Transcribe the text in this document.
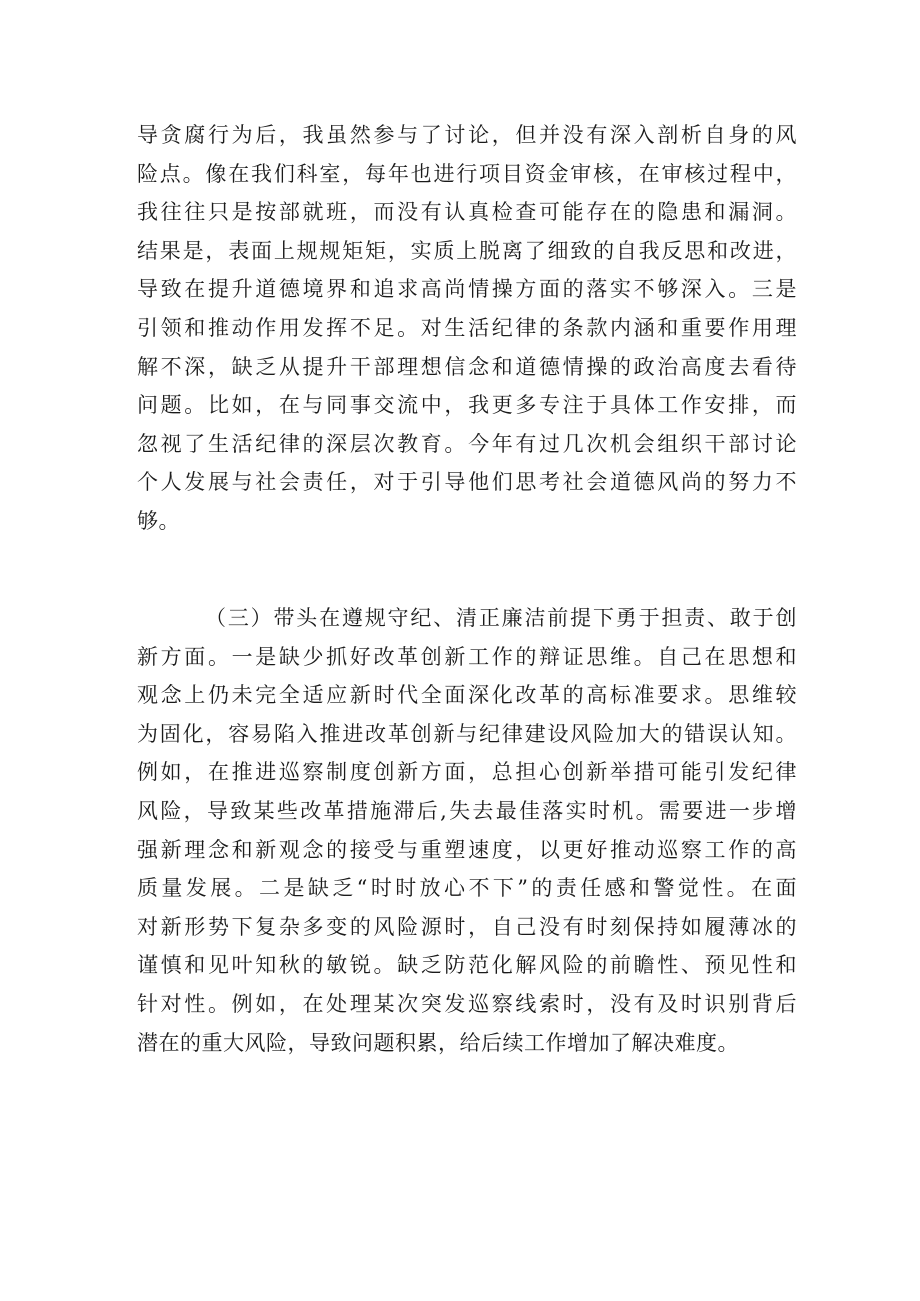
导贪腐行为后，我虽然参与了讨论，但并没有深入剖析自身的风
险点。像在我们科室，每年也进行项目资金审核，在审核过程中，
我往往只是按部就班，而没有认真检查可能存在的隐患和漏洞。
结果是，表面上规规矩矩，实质上脱离了细致的自我反思和改进，
导致在提升道德境界和追求高尚情操方面的落实不够深入。三是
引领和推动作用发挥不足。对生活纪律的条款内涵和重要作用理
解不深，缺乏从提升干部理想信念和道德情操的政治高度去看待
问题。比如，在与同事交流中，我更多专注于具体工作安排，而
忽视了生活纪律的深层次教育。今年有过几次机会组织干部讨论
个人发展与社会责任，对于引导他们思考社会道德风尚的努力不
够。
（三）带头在遵规守纪、清正廉洁前提下勇于担责、敢于创
新方面。一是缺少抓好改革创新工作的辩证思维。自己在思想和
观念上仍未完全适应新时代全面深化改革的高标准要求。思维较
为固化，容易陷入推进改革创新与纪律建设风险加大的错误认知。
例如，在推进巡察制度创新方面，总担心创新举措可能引发纪律
风险，导致某些改革措施滞后,失去最佳落实时机。需要进一步增
强新理念和新观念的接受与重塑速度，以更好推动巡察工作的高
质量发展。二是缺乏“时时放心不下”的责任感和警觉性。在面
对新形势下复杂多变的风险源时，自己没有时刻保持如履薄冰的
谨慎和见叶知秋的敏锐。缺乏防范化解风险的前瞻性、预见性和
针对性。例如，在处理某次突发巡察线索时，没有及时识别背后
潜在的重大风险，导致问题积累，给后续工作增加了解决难度。
